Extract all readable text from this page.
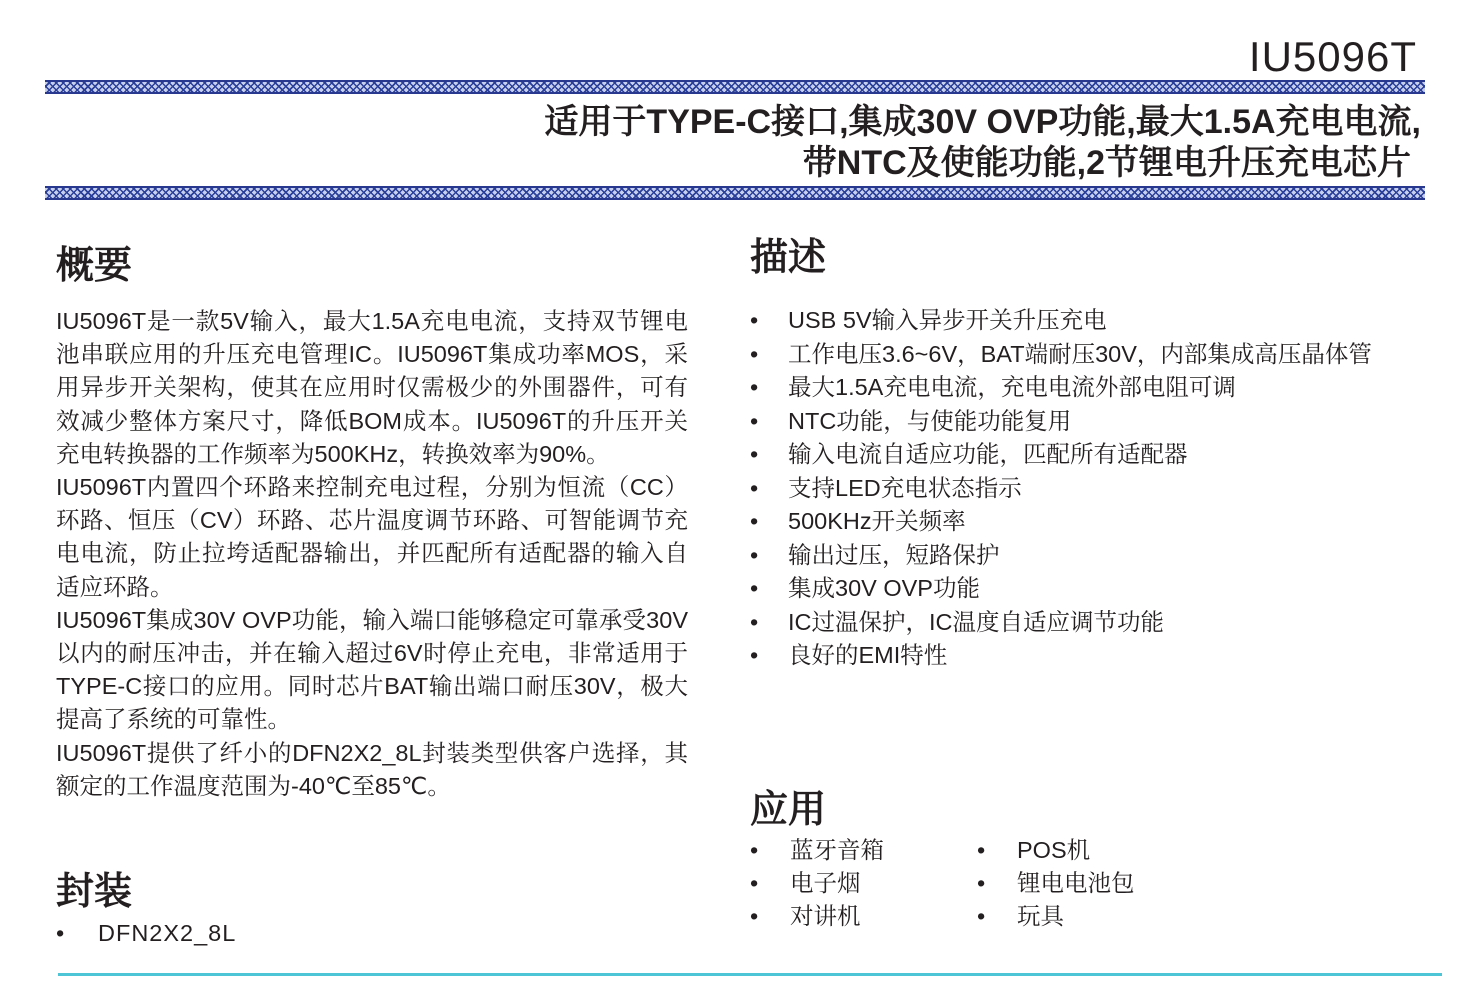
IU5096T
适用于TYPE-C接口,集成30V OVP功能,最大1.5A充电电流,
带NTC及使能功能,2节锂电升压充电芯片
概要

IU5096T是一款5V输入，最大1.5A充电电流，支持双节锂电池串联应用的升压充电管理IC。IU5096T集成功率MOS，采用异步开关架构，使其在应用时仅需极少的外围器件，可有效减少整体方案尺寸，降低BOM成本。IU5096T的升压开关充电转换器的工作频率为500KHz，转换效率为90%。

IU5096T内置四个环路来控制充电过程，分别为恒流（CC）环路、恒压（CV）环路、芯片温度调节环路、可智能调节充电电流，防止拉垮适配器输出，并匹配所有适配器的输入自适应环路。

IU5096T集成30V OVP功能，输入端口能够稳定可靠承受30V以内的耐压冲击，并在输入超过6V时停止充电，非常适用于TYPE-C接口的应用。同时芯片BAT输出端口耐压30V，极大提高了系统的可靠性。

IU5096T提供了纤小的DFN2X2_8L封装类型供客户选择，其额定的工作温度范围为-40℃至85℃。

封装
• DFN2X2_8L
描述
• USB 5V输入异步开关升压充电
• 工作电压3.6~6V，BAT端耐压30V，内部集成高压晶体管
• 最大1.5A充电电流，充电电流外部电阻可调
• NTC功能，与使能功能复用
• 输入电流自适应功能，匹配所有适配器
• 支持LED充电状态指示
• 500KHz开关频率
• 输出过压，短路保护
• 集成30V OVP功能
• IC过温保护，IC温度自适应调节功能
• 良好的EMI特性
应用
• 蓝牙音箱
• 电子烟
• 对讲机
• POS机
• 锂电电池包
• 玩具
